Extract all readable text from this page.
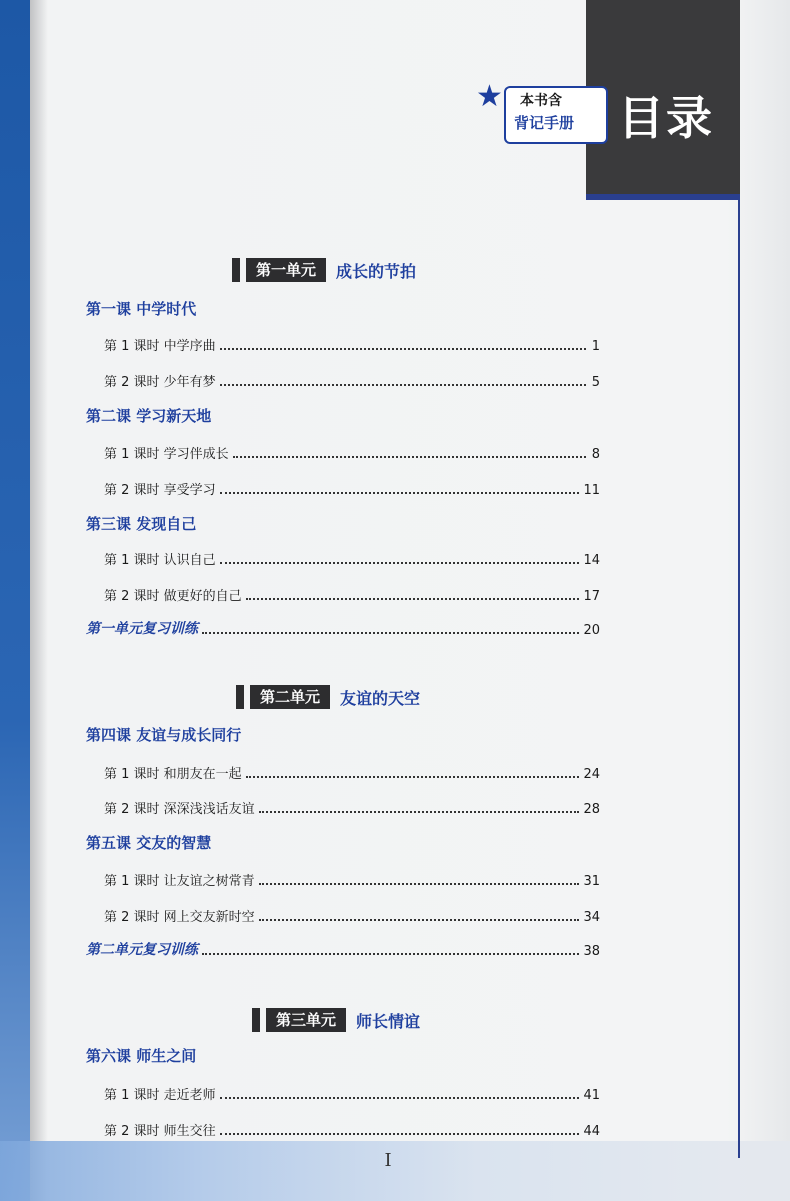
目录
★ 本书含
背记手册
第一单元	成长的节拍
第一课 中学时代
第 1 课时 中学序曲	1
第 2 课时 少年有梦	5
第二课 学习新天地
第 1 课时 学习伴成长	8
第 2 课时 享受学习	11
第三课 发现自己
第 1 课时 认识自己	14
第 2 课时 做更好的自己	17
第一单元复习训练	20
第二单元	友谊的天空
第四课 友谊与成长同行
第 1 课时 和朋友在一起	24
第 2 课时 深深浅浅话友谊	28
第五课 交友的智慧
第 1 课时 让友谊之树常青	31
第 2 课时 网上交友新时空	34
第二单元复习训练	38
第三单元	师长情谊
第六课 师生之间
第 1 课时 走近老师	41
第 2 课时 师生交往	44
I
